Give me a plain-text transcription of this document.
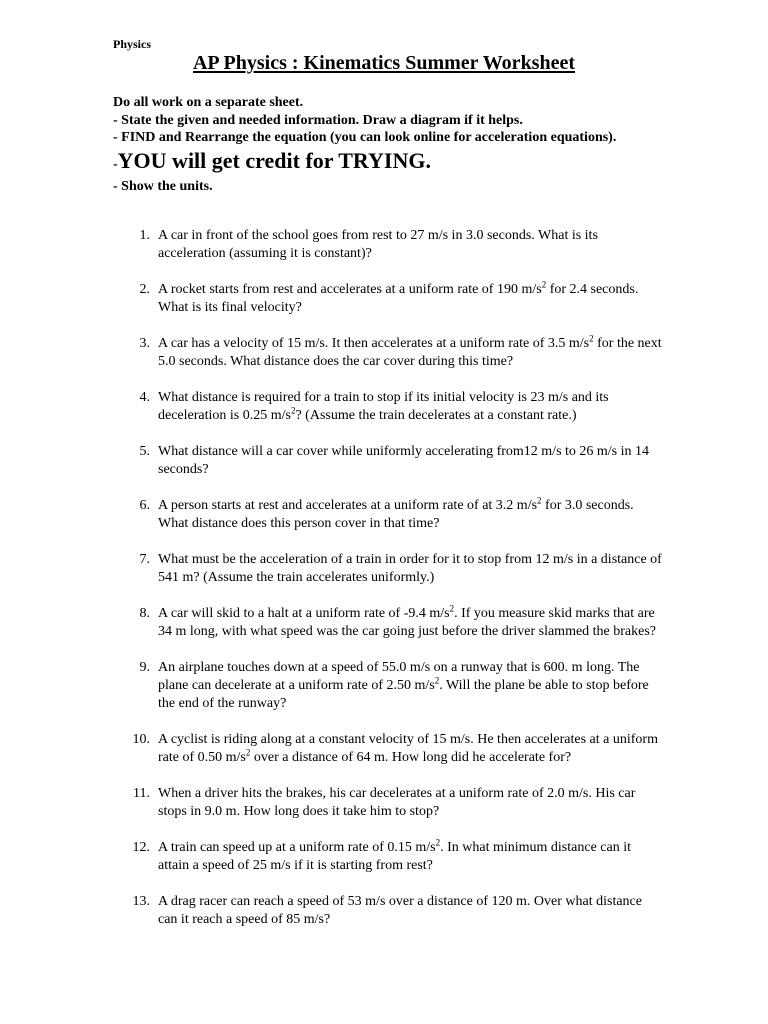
Physics
AP Physics : Kinematics Summer Worksheet
Do all work on a separate sheet.
- State the given and needed information. Draw a diagram if it helps.
- FIND and Rearrange the equation (you can look online for acceleration equations).
-YOU will get credit for TRYING.
- Show the units.
1. A car in front of the school goes from rest to 27 m/s in 3.0 seconds. What is its acceleration (assuming it is constant)?
2. A rocket starts from rest and accelerates at a uniform rate of 190 $m/s^2$ for 2.4 seconds. What is its final velocity?
3. A car has a velocity of 15 m/s. It then accelerates at a uniform rate of 3.5 $m/s^2$ for the next 5.0 seconds. What distance does the car cover during this time?
4. What distance is required for a train to stop if its initial velocity is 23 m/s and its deceleration is 0.25 $m/s^2$? (Assume the train decelerates at a constant rate.)
5. What distance will a car cover while uniformly accelerating from12 m/s to 26 m/s in 14 seconds?
6. A person starts at rest and accelerates at a uniform rate of at 3.2 $m/s^2$ for 3.0 seconds. What distance does this person cover in that time?
7. What must be the acceleration of a train in order for it to stop from 12 m/s in a distance of 541 m? (Assume the train accelerates uniformly.)
8. A car will skid to a halt at a uniform rate of -9.4 $m/s^2$. If you measure skid marks that are 34 m long, with what speed was the car going just before the driver slammed the brakes?
9. An airplane touches down at a speed of 55.0 m/s on a runway that is 600. m long. The plane can decelerate at a uniform rate of 2.50 $m/s^2$. Will the plane be able to stop before the end of the runway?
10. A cyclist is riding along at a constant velocity of 15 m/s. He then accelerates at a uniform rate of 0.50 $m/s^2$ over a distance of 64 m. How long did he accelerate for?
11. When a driver hits the brakes, his car decelerates at a uniform rate of 2.0 m/s. His car stops in 9.0 m. How long does it take him to stop?
12. A train can speed up at a uniform rate of 0.15 $m/s^2$. In what minimum distance can it attain a speed of 25 m/s if it is starting from rest?
13. A drag racer can reach a speed of 53 m/s over a distance of 120 m. Over what distance can it reach a speed of 85 m/s?
